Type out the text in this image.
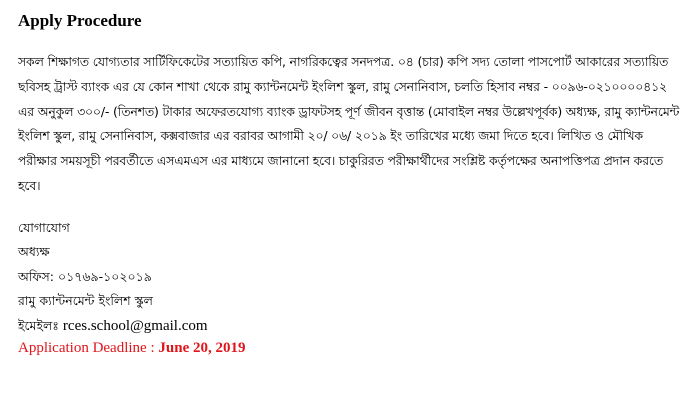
Apply Procedure

সকল শিক্ষাগত যোগ্যতার সার্টিফিকেটের সত্যায়িত কপি, নাগরিকত্বের সনদপত্র. ০৪ (চার) কপি সদ্য তোলা পাসপোর্ট আকারের সত্যায়িত ছবিসহ ট্রাস্ট ব্যাংক এর যে কোন শাখা থেকে রামু ক্যান্টনমেন্ট ইংলিশ স্কুল, রামু সেনানিবাস, চলতি হিসাব নম্বর - ০০৯৬-০২১০০০০৪১২ এর অনুকুল ৩০০/- (তিনশত) টাকার অফেরতযোগ্য ব্যাংক ড্রাফটসহ পূর্ণ জীবন বৃত্তান্ত (মোবাইল নম্বর উল্লেখপূর্বক) অধ্যক্ষ, রামু ক্যান্টনমেন্ট ইংলিশ স্কুল, রামু সেনানিবাস, কক্সবাজার এর বরাবর আগামী ২০/ ০৬/ ২০১৯ ইং তারিখের মধ্যে জমা দিতে হবে। লিখিত ও মৌখিক পরীক্ষার সময়সূচী পরবর্তীতে এসএমএস এর মাধ্যমে জানানো হবে। চাকুরিরত পরীক্ষার্থীদের সংশ্লিষ্ট কর্তৃপক্ষের অনাপত্তিপত্র প্রদান করতে হবে।

যোগাযোগ
অধ্যক্ষ
অফিস: ০১৭৬৯-১০২০১৯
রামু ক্যান্টনমেন্ট ইংলিশ স্কুল
ইমেইলঃ rces.school@gmail.com
Application Deadline : June 20, 2019
